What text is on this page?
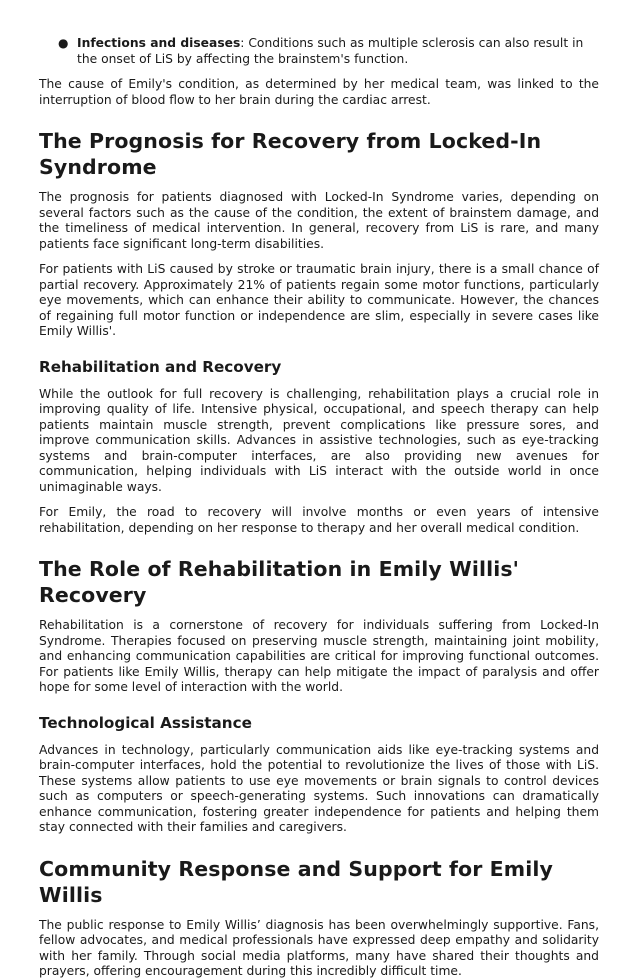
● Infections and diseases: Conditions such as multiple sclerosis can also result in the onset of LiS by affecting the brainstem's function.

The cause of Emily's condition, as determined by her medical team, was linked to the interruption of blood flow to her brain during the cardiac arrest.

The Prognosis for Recovery from Locked-In Syndrome

The prognosis for patients diagnosed with Locked-In Syndrome varies, depending on several factors such as the cause of the condition, the extent of brainstem damage, and the timeliness of medical intervention. In general, recovery from LiS is rare, and many patients face significant long-term disabilities.

For patients with LiS caused by stroke or traumatic brain injury, there is a small chance of partial recovery. Approximately 21% of patients regain some motor functions, particularly eye movements, which can enhance their ability to communicate. However, the chances of regaining full motor function or independence are slim, especially in severe cases like Emily Willis'.

Rehabilitation and Recovery

While the outlook for full recovery is challenging, rehabilitation plays a crucial role in improving quality of life. Intensive physical, occupational, and speech therapy can help patients maintain muscle strength, prevent complications like pressure sores, and improve communication skills. Advances in assistive technologies, such as eye-tracking systems and brain-computer interfaces, are also providing new avenues for communication, helping individuals with LiS interact with the outside world in once unimaginable ways.

For Emily, the road to recovery will involve months or even years of intensive rehabilitation, depending on her response to therapy and her overall medical condition.

The Role of Rehabilitation in Emily Willis' Recovery

Rehabilitation is a cornerstone of recovery for individuals suffering from Locked-In Syndrome. Therapies focused on preserving muscle strength, maintaining joint mobility, and enhancing communication capabilities are critical for improving functional outcomes. For patients like Emily Willis, therapy can help mitigate the impact of paralysis and offer hope for some level of interaction with the world.

Technological Assistance

Advances in technology, particularly communication aids like eye-tracking systems and brain-computer interfaces, hold the potential to revolutionize the lives of those with LiS. These systems allow patients to use eye movements or brain signals to control devices such as computers or speech-generating systems. Such innovations can dramatically enhance communication, fostering greater independence for patients and helping them stay connected with their families and caregivers.

Community Response and Support for Emily Willis

The public response to Emily Willis’ diagnosis has been overwhelmingly supportive. Fans, fellow advocates, and medical professionals have expressed deep empathy and solidarity with her family. Through social media platforms, many have shared their thoughts and prayers, offering encouragement during this incredibly difficult time.
